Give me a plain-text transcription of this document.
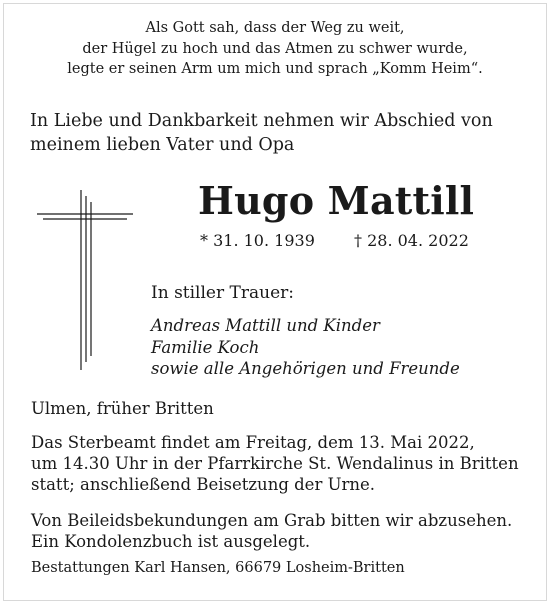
Als Gott sah, dass der Weg zu weit,
der Hügel zu hoch und das Atmen zu schwer wurde,
legte er seinen Arm um mich und sprach „Komm Heim“.
In Liebe und Dankbarkeit nehmen wir Abschied von
meinem lieben Vater und Opa
Hugo Mattill
* 31. 10. 1939 † 28. 04. 2022
In stiller Trauer:
Andreas Mattill und Kinder
Familie Koch
sowie alle Angehörigen und Freunde
Ulmen, früher Britten
Das Sterbeamt findet am Freitag, dem 13. Mai 2022,
um 14.30 Uhr in der Pfarrkirche St. Wendalinus in Britten
statt; anschließend Beisetzung der Urne.
Von Beileidsbekundungen am Grab bitten wir abzusehen.
Ein Kondolenzbuch ist ausgelegt.
Bestattungen Karl Hansen, 66679 Losheim-Britten
